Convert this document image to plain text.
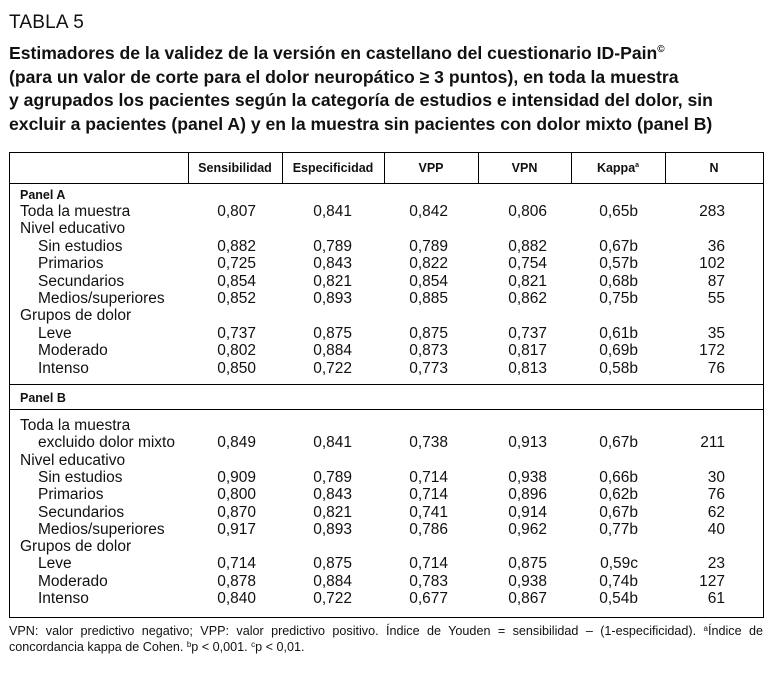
TABLA 5
Estimadores de la validez de la versión en castellano del cuestionario ID-Pain©
(para un valor de corte para el dolor neuropático ≥ 3 puntos), en toda la muestra
y agrupados los pacientes según la categoría de estudios e intensidad del dolor, sin
excluir a pacientes (panel A) y en la muestra sin pacientes con dolor mixto (panel B)
Sensibilidad	Especificidad	VPP	VPN	Kappa$^a$	N
Panel A
Toda la muestra	0,807	0,841	0,842	0,806	0,65b	283
Nivel educativo
Sin estudios	0,882	0,789	0,789	0,882	0,67b	36
Primarios	0,725	0,843	0,822	0,754	0,57b	102
Secundarios	0,854	0,821	0,854	0,821	0,68b	87
Medios/superiores	0,852	0,893	0,885	0,862	0,75b	55
Grupos de dolor
Leve	0,737	0,875	0,875	0,737	0,61b	35
Moderado	0,802	0,884	0,873	0,817	0,69b	172
Intenso	0,850	0,722	0,773	0,813	0,58b	76
Panel B
Toda la muestra
excluido dolor mixto	0,849	0,841	0,738	0,913	0,67b	211
Nivel educativo
Sin estudios	0,909	0,789	0,714	0,938	0,66b	30
Primarios	0,800	0,843	0,714	0,896	0,62b	76
Secundarios	0,870	0,821	0,741	0,914	0,67b	62
Medios/superiores	0,917	0,893	0,786	0,962	0,77b	40
Grupos de dolor
Leve	0,714	0,875	0,714	0,875	0,59c	23
Moderado	0,878	0,884	0,783	0,938	0,74b	127
Intenso	0,840	0,722	0,677	0,867	0,54b	61
VPN: valor predictivo negativo; VPP: valor predictivo positivo. Índice de Youden = sensibilidad – (1-especificidad). $^a$Índice de concordancia kappa de Cohen. $^b$p < 0,001. $^c$p < 0,01.
